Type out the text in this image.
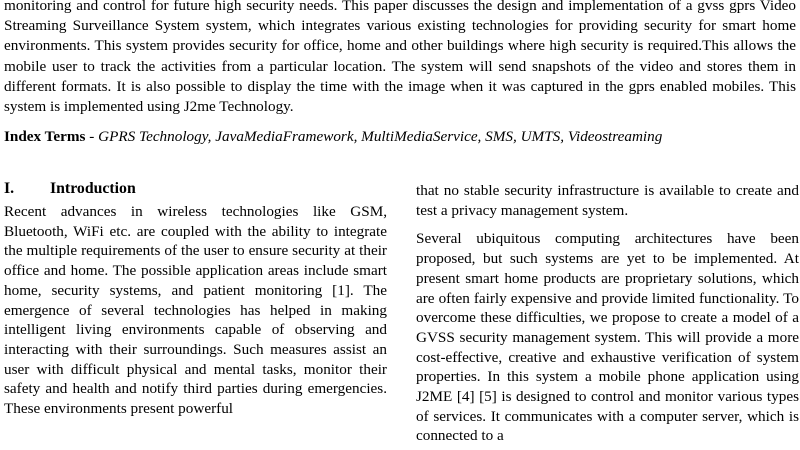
monitoring and control for future high security needs. This paper discusses the design and implementation of a gvss gprs Video Streaming Surveillance System system, which integrates various existing technologies for providing security for smart home environments. This system provides security for office, home and other buildings where high security is required.This allows the mobile user to track the activities from a particular location. The system will send snapshots of the video and stores them in different formats. It is also possible to display the time with the image when it was captured in the gprs enabled mobiles. This system is implemented using J2me Technology.

Index Terms - GPRS Technology, JavaMediaFramework, MultiMediaService, SMS, UMTS, Videostreaming

I. Introduction

Recent advances in wireless technologies like GSM, Bluetooth, WiFi etc. are coupled with the ability to integrate the multiple requirements of the user to ensure security at their office and home. The possible application areas include smart home, security systems, and patient monitoring [1]. The emergence of several technologies has helped in making intelligent living environments capable of observing and interacting with their surroundings. Such measures assist an user with difficult physical and mental tasks, monitor their safety and health and notify third parties during emergencies. These environments present powerful

that no stable security infrastructure is available to create and test a privacy management system.

Several ubiquitous computing architectures have been proposed, but such systems are yet to be implemented. At present smart home products are proprietary solutions, which are often fairly expensive and provide limited functionality. To overcome these difficulties, we propose to create a model of a GVSS security management system. This will provide a more cost-effective, creative and exhaustive verification of system properties. In this system a mobile phone application using J2ME [4] [5] is designed to control and monitor various types of services. It communicates with a computer server, which is connected to a
